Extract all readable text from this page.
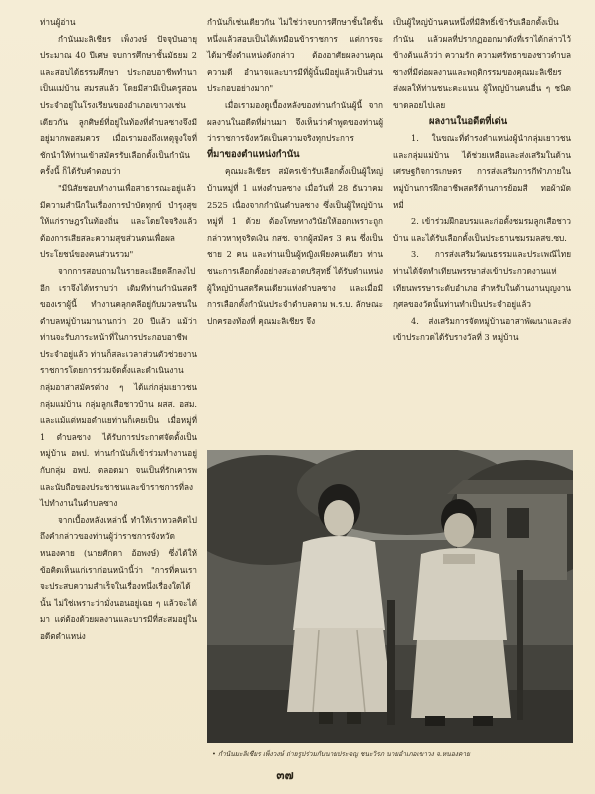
ท่านผู้อ่าน

กำนันมะลิเชียร เพ็งวงษ์ ปัจจุบันอายุประมาณ 40 ปีเศษ จบการศึกษาชั้นมัธยม 2 และสอบได้ธรรมศึกษา ประกอบอาชีพทำนาเป็นแม่บ้าน สมรสแล้ว โดยมีสามีเป็นครูสอนประจำอยู่ในโรงเรียนของอำเภอเขาวงเช่นเดียวกัน ลูกศิษย์ที่อยู่ในท้องที่ตำบลซางจึงมีอยู่มากพอสมควร เมื่อเรามองถึงเหตุจูงใจที่ชักนำให้ท่านเข้าสมัครรับเลือกตั้งเป็นกำนันครั้งนี้ ก็ได้รับคำตอบว่า

"มีนิสัยชอบทำงานเพื่อสาธารณะอยู่แล้ว มีความสำนึกในเรื่องการบำบัดทุกข์ บำรุงสุขให้แก่ราษฎรในท้องถิ่น และโดยใจจริงแล้วต้องการเสียสละความสุขส่วนตนเพื่อผลประโยชน์ของคนส่วนรวม"

จากการสอบถามในรายละเอียดลึกลงไปอีก เราจึงได้ทราบว่า เดิมทีท่านกำนันสตรีของเราผู้นี้ ทำงานคลุกคลีอยู่กับมวลชนในตำบลหมู่บ้านมานานกว่า 20 ปีแล้ว แม้ว่าท่านจะรับภาระหน้าที่ในการประกอบอาชีพประจำอยู่แล้ว ท่านก็สละเวลาส่วนตัวช่วยงานราชการโดยการร่วมจัดตั้งและดำเนินงานกลุ่มอาสาสมัครต่าง ๆ ได้แก่กลุ่มเยาวชน กลุ่มแม่บ้าน กลุ่มลูกเสือชาวบ้าน ผสส. อสม. และแม้แต่หมอตำแยท่านก็เคยเป็น เมื่อหมู่ที่ 1 ตำบลซาง ได้รับการประกาศจัดตั้งเป็นหมู่บ้าน อพป. ท่านกำนันก็เข้าร่วมทำงานอยู่กับกลุ่ม อพป. ตลอดมา จนเป็นที่รักเคารพและนับถือของประชาชนและข้าราชการที่ลงไปทำงานในตำบลซาง

จากเบื้องหลังเหล่านี้ ทำให้เราหวลคิดไปถึงคำกล่าวของท่านผู้ว่าราชการจังหวัดหนองคาย (นายศักดา อ้อพงษ์) ซึ่งได้ให้ข้อคิดเห็นแก่เราก่อนหน้านี้ว่า "การที่คนเราจะประสบความสำเร็จในเรื่องหนึ่งเรื่องใดได้นั้น ไม่ใช่เพราะว่ามั่งนอนอยู่เฉย ๆ แล้วจะได้มา แต่ต้องด้วยผลงานและบารมีที่สะสมอยู่ในอดีตตำแหน่ง

กำนันก็เช่นเดียวกัน ไม่ใช่ว่าจบการศึกษาชั้นใดชั้นหนึ่งแล้วสอบเป็นได้เหมือนข้าราชการ แต่การจะได้มาซึ่งตำแหน่งดังกล่าว ต้องอาศัยผลงานคุณความดี อำนาจและบารมีที่ผู้นั้นมีอยู่แล้วเป็นส่วนประกอบอย่างมาก"

เมื่อเรามองดูเบื้องหลังของท่านกำนันผู้นี้ จากผลงานในอดีตที่ผ่านมา จึงเห็นว่าคำพูดของท่านผู้ว่าราชการจังหวัดเป็นความจริงทุกประการ

ที่มาของตำแหน่งกำนัน

คุณมะลิเชียร สมัครเข้ารับเลือกตั้งเป็นผู้ใหญ่บ้านหมู่ที่ 1 แห่งตำบลซาง เมื่อวันที่ 28 ธันวาคม 2525 เนื่องจากกำนันตำบลซาง ซึ่งเป็นผู้ใหญ่บ้านหมู่ที่ 1 ด้วย ต้องโทษทางวินัยให้ออกเพราะถูกกล่าวหาทุจริตเงิน กสช. จากผู้สมัคร 3 คน ซึ่งเป็นชาย 2 คน และท่านเป็นผู้หญิงเพียงคนเดียว ท่านชนะการเลือกตั้งอย่างสะอาดบริสุทธิ์ ได้รับตำแหน่งผู้ใหญ่บ้านสตรีคนเดียวแห่งตำบลซาง และเมื่อมีการเลือกตั้งกำนันประจำตำบลตาม พ.ร.บ. ลักษณะปกครองท้องที่ คุณมะลิเชียร จึง

เป็นผู้ใหญ่บ้านคนหนึ่งที่มีสิทธิ์เข้ารับเลือกตั้งเป็นกำนัน แล้วผลที่ปรากฏออกมาดังที่เราได้กล่าวไว้ข้างต้นแล้วว่า ความรัก ความศรัทธาของชาวตำบลซางที่มีต่อผลงานและพฤติกรรมของคุณมะลิเชียร ส่งผลให้ท่านชนะคะแนน ผู้ใหญ่บ้านคนอื่น ๆ ชนิดขาดลอยไปเลย

ผลงานในอดีตที่เด่น

1. ในขณะที่ดำรงตำแหน่งผู้นำกลุ่มเยาวชนและกลุ่มแม่บ้าน ได้ช่วยเหลือและส่งเสริมในด้านเศรษฐกิจการเกษตร การส่งเสริมการกีฬาภายในหมู่บ้านการฝึกอาชีพสตรีด้านการย้อมสี ทอผ้ามัดหมี่

2. เข้าร่วมฝึกอบรมและก่อตั้งชมรมลูกเสือชาวบ้าน และได้รับเลือกตั้งเป็นประธานชมรมลสข.ซบ.

3. การส่งเสริมวัฒนธรรมและประเพณีไทย ท่านได้จัดทำเทียนพรรษาส่งเข้าประกวดงานแห่เทียนพรรษาระดับอำเภอ สำหรับในด้านงานบุญงานกุศลของวัดนั้นท่านทำเป็นประจำอยู่แล้ว

4. ส่งเสริมการจัดหมู่บ้านอาสาพัฒนาและส่งเข้าประกวดได้รับรางวัลที่ 3 หมู่บ้าน

• กำนันมะลิเชียร เพ็งวงษ์ ถ่ายรูปร่วมกับนายประจญ ชนะวิรภ นายอำเภอเขาวง จ.หนองคาย
๓๗
